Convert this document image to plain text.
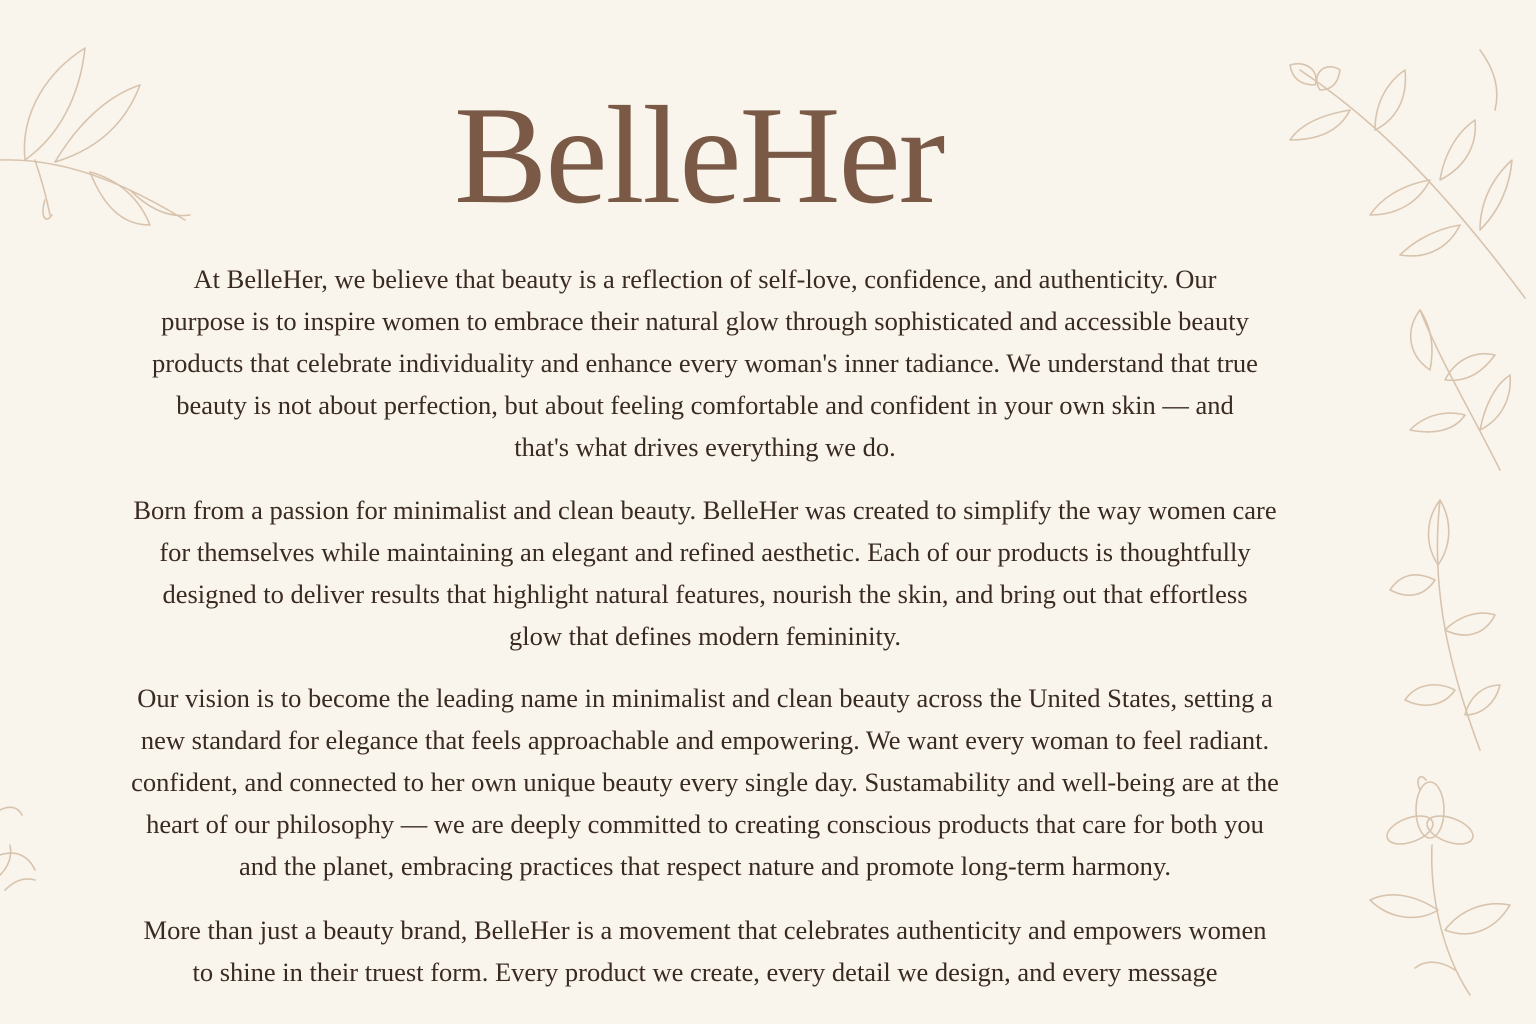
BelleHer

At BelleHer, we believe that beauty is a reflection of self-love, confidence, and authenticity. Our
purpose is to inspire women to embrace their natural glow through sophisticated and accessible beauty
products that celebrate individuality and enhance every woman's inner tadiance. We understand that true
beauty is not about perfection, but about feeling comfortable and confident in your own skin — and
that's what drives everything we do.

Born from a passion for minimalist and clean beauty. BelleHer was created to simplify the way women care
for themselves while maintaining an elegant and refined aesthetic. Each of our products is thoughtfully
designed to deliver results that highlight natural features, nourish the skin, and bring out that effortless
glow that defines modern femininity.

Our vision is to become the leading name in minimalist and clean beauty across the United States, setting a
new standard for elegance that feels approachable and empowering. We want every woman to feel radiant.
confident, and connected to her own unique beauty every single day. Sustamability and well-being are at the
heart of our philosophy — we are deeply committed to creating conscious products that care for both you
and the planet, embracing practices that respect nature and promote long-term harmony.

More than just a beauty brand, BelleHer is a movement that celebrates authenticity and empowers women
to shine in their truest form. Every product we create, every detail we design, and every message
